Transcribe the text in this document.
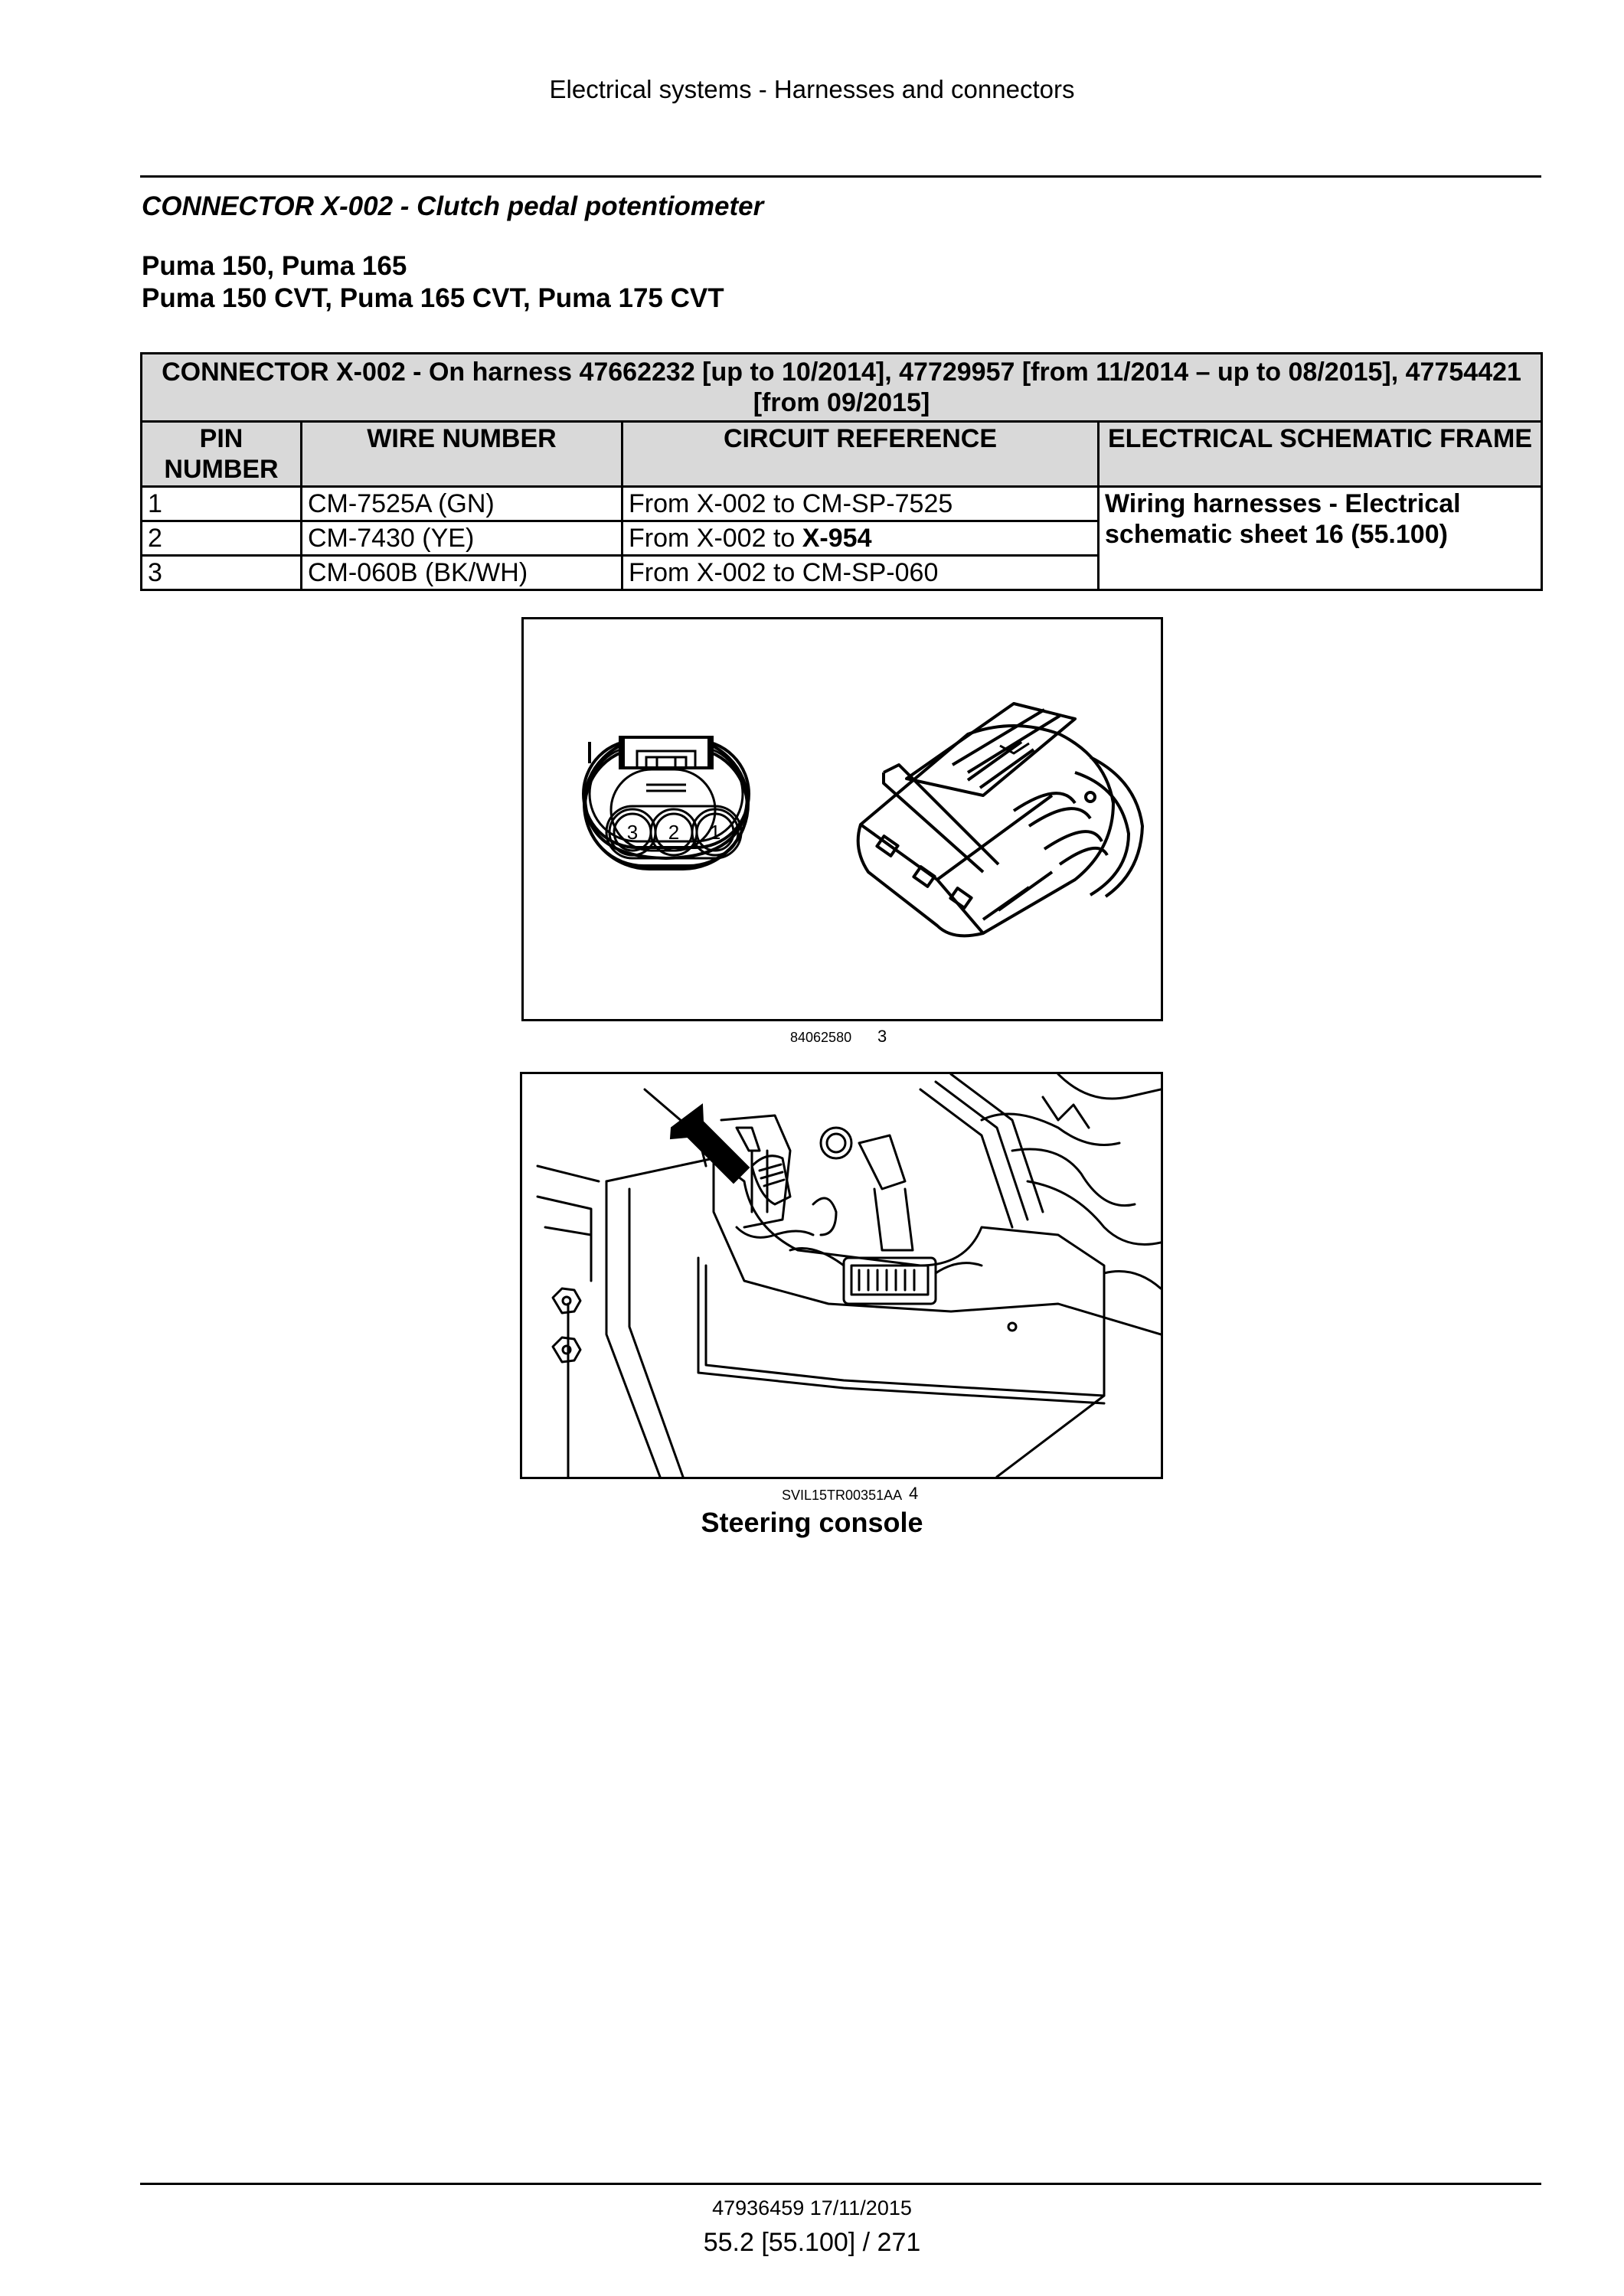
Electrical systems - Harnesses and connectors
CONNECTOR X-002 - Clutch pedal potentiometer
Puma 150, Puma 165
Puma 150 CVT, Puma 165 CVT, Puma 175 CVT
CONNECTOR X-002 - On harness 47662232 [up to 10/2014], 47729957 [from 11/2014 – up to 08/2015], 47754421 [from 09/2015]			
PIN NUMBER	WIRE NUMBER	CIRCUIT REFERENCE	ELECTRICAL SCHEMATIC FRAME
1	CM-7525A (GN)	From X-002 to CM-SP-7525	Wiring harnesses - Electrical schematic sheet 16 (55.100)
2	CM-7430 (YE)	From X-002 to X-954	
3	CM-060B (BK/WH)	From X-002 to CM-SP-060	
3 2 1
84062580 3
SVIL15TR00351AA 4
Steering console
47936459 17/11/2015
55.2 [55.100] / 271
